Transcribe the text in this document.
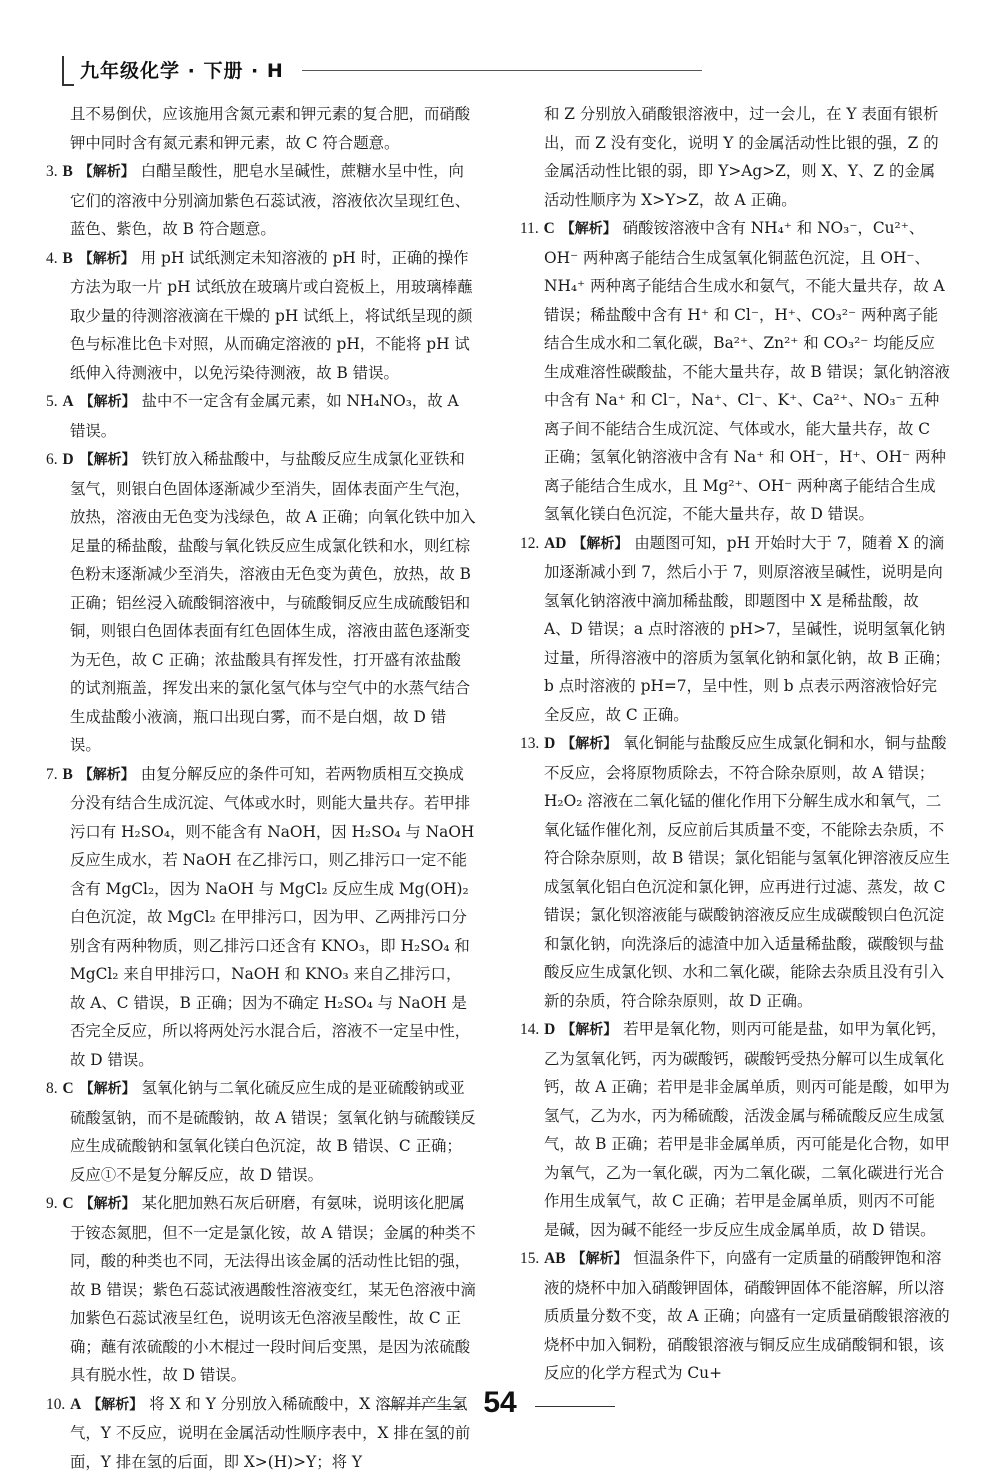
九年级化学 · 下册 · H

且不易倒伏，应该施用含氮元素和钾元素的复合肥，而硝酸钾中同时含有氮元素和钾元素，故 C 符合题意。

3. B 【解析】 白醋呈酸性，肥皂水呈碱性，蔗糖水呈中性，向它们的溶液中分别滴加紫色石蕊试液，溶液依次呈现红色、蓝色、紫色，故 B 符合题意。

4. B 【解析】 用 pH 试纸测定未知溶液的 pH 时，正确的操作方法为取一片 pH 试纸放在玻璃片或白瓷板上，用玻璃棒蘸取少量的待测溶液滴在干燥的 pH 试纸上，将试纸呈现的颜色与标准比色卡对照，从而确定溶液的 pH，不能将 pH 试纸伸入待测液中，以免污染待测液，故 B 错误。

5. A 【解析】 盐中不一定含有金属元素，如 NH₄NO₃，故 A 错误。

6. D 【解析】 铁钉放入稀盐酸中，与盐酸反应生成氯化亚铁和氢气，则银白色固体逐渐减少至消失，固体表面产生气泡，放热，溶液由无色变为浅绿色，故 A 正确；向氧化铁中加入足量的稀盐酸，盐酸与氧化铁反应生成氯化铁和水，则红棕色粉末逐渐减少至消失，溶液由无色变为黄色，放热，故 B 正确；铝丝浸入硫酸铜溶液中，与硫酸铜反应生成硫酸铝和铜，则银白色固体表面有红色固体生成，溶液由蓝色逐渐变为无色，故 C 正确；浓盐酸具有挥发性，打开盛有浓盐酸的试剂瓶盖，挥发出来的氯化氢气体与空气中的水蒸气结合生成盐酸小液滴，瓶口出现白雾，而不是白烟，故 D 错误。

7. B 【解析】 由复分解反应的条件可知，若两物质相互交换成分没有结合生成沉淀、气体或水时，则能大量共存。若甲排污口有 H₂SO₄，则不能含有 NaOH，因 H₂SO₄ 与 NaOH 反应生成水，若 NaOH 在乙排污口，则乙排污口一定不能含有 MgCl₂，因为 NaOH 与 MgCl₂ 反应生成 Mg(OH)₂ 白色沉淀，故 MgCl₂ 在甲排污口，因为甲、乙两排污口分别含有两种物质，则乙排污口还含有 KNO₃，即 H₂SO₄ 和 MgCl₂ 来自甲排污口，NaOH 和 KNO₃ 来自乙排污口，故 A、C 错误，B 正确；因为不确定 H₂SO₄ 与 NaOH 是否完全反应，所以将两处污水混合后，溶液不一定呈中性，故 D 错误。

8. C 【解析】 氢氧化钠与二氧化硫反应生成的是亚硫酸钠或亚硫酸氢钠，而不是硫酸钠，故 A 错误；氢氧化钠与硫酸镁反应生成硫酸钠和氢氧化镁白色沉淀，故 B 错误、C 正确；反应①不是复分解反应，故 D 错误。

9. C 【解析】 某化肥加熟石灰后研磨，有氨味，说明该化肥属于铵态氮肥，但不一定是氯化铵，故 A 错误；金属的种类不同，酸的种类也不同，无法得出该金属的活动性比铝的强，故 B 错误；紫色石蕊试液遇酸性溶液变红，某无色溶液中滴加紫色石蕊试液呈红色，说明该无色溶液呈酸性，故 C 正确；蘸有浓硫酸的小木棍过一段时间后变黑，是因为浓硫酸具有脱水性，故 D 错误。

10. A 【解析】 将 X 和 Y 分别放入稀硫酸中，X 溶解并产生氢气，Y 不反应，说明在金属活动性顺序表中，X 排在氢的前面，Y 排在氢的后面，即 X>(H)>Y；将 Y

和 Z 分别放入硝酸银溶液中，过一会儿，在 Y 表面有银析出，而 Z 没有变化，说明 Y 的金属活动性比银的强，Z 的金属活动性比银的弱，即 Y>Ag>Z，则 X、Y、Z 的金属活动性顺序为 X>Y>Z，故 A 正确。

11. C 【解析】 硝酸铵溶液中含有 NH₄⁺ 和 NO₃⁻，Cu²⁺、OH⁻ 两种离子能结合生成氢氧化铜蓝色沉淀，且 OH⁻、NH₄⁺ 两种离子能结合生成水和氨气，不能大量共存，故 A 错误；稀盐酸中含有 H⁺ 和 Cl⁻，H⁺、CO₃²⁻ 两种离子能结合生成水和二氧化碳，Ba²⁺、Zn²⁺ 和 CO₃²⁻ 均能反应生成难溶性碳酸盐，不能大量共存，故 B 错误；氯化钠溶液中含有 Na⁺ 和 Cl⁻，Na⁺、Cl⁻、K⁺、Ca²⁺、NO₃⁻ 五种离子间不能结合生成沉淀、气体或水，能大量共存，故 C 正确；氢氧化钠溶液中含有 Na⁺ 和 OH⁻，H⁺、OH⁻ 两种离子能结合生成水，且 Mg²⁺、OH⁻ 两种离子能结合生成氢氧化镁白色沉淀，不能大量共存，故 D 错误。

12. AD 【解析】 由题图可知，pH 开始时大于 7，随着 X 的滴加逐渐减小到 7，然后小于 7，则原溶液呈碱性，说明是向氢氧化钠溶液中滴加稀盐酸，即题图中 X 是稀盐酸，故 A、D 错误；a 点时溶液的 pH>7，呈碱性，说明氢氧化钠过量，所得溶液中的溶质为氢氧化钠和氯化钠，故 B 正确；b 点时溶液的 pH=7，呈中性，则 b 点表示两溶液恰好完全反应，故 C 正确。

13. D 【解析】 氧化铜能与盐酸反应生成氯化铜和水，铜与盐酸不反应，会将原物质除去，不符合除杂原则，故 A 错误；H₂O₂ 溶液在二氧化锰的催化作用下分解生成水和氧气，二氧化锰作催化剂，反应前后其质量不变，不能除去杂质，不符合除杂原则，故 B 错误；氯化铝能与氢氧化钾溶液反应生成氢氧化铝白色沉淀和氯化钾，应再进行过滤、蒸发，故 C 错误；氯化钡溶液能与碳酸钠溶液反应生成碳酸钡白色沉淀和氯化钠，向洗涤后的滤渣中加入适量稀盐酸，碳酸钡与盐酸反应生成氯化钡、水和二氧化碳，能除去杂质且没有引入新的杂质，符合除杂原则，故 D 正确。

14. D 【解析】 若甲是氧化物，则丙可能是盐，如甲为氧化钙，乙为氢氧化钙，丙为碳酸钙，碳酸钙受热分解可以生成氧化钙，故 A 正确；若甲是非金属单质，则丙可能是酸，如甲为氢气，乙为水，丙为稀硫酸，活泼金属与稀硫酸反应生成氢气，故 B 正确；若甲是非金属单质，丙可能是化合物，如甲为氧气，乙为一氧化碳，丙为二氧化碳，二氧化碳进行光合作用生成氧气，故 C 正确；若甲是金属单质，则丙不可能是碱，因为碱不能经一步反应生成金属单质，故 D 错误。

15. AB 【解析】 恒温条件下，向盛有一定质量的硝酸钾饱和溶液的烧杯中加入硝酸钾固体，硝酸钾固体不能溶解，所以溶质质量分数不变，故 A 正确；向盛有一定质量硝酸银溶液的烧杯中加入铜粉，硝酸银溶液与铜反应生成硝酸铜和银，该反应的化学方程式为 Cu+

54
